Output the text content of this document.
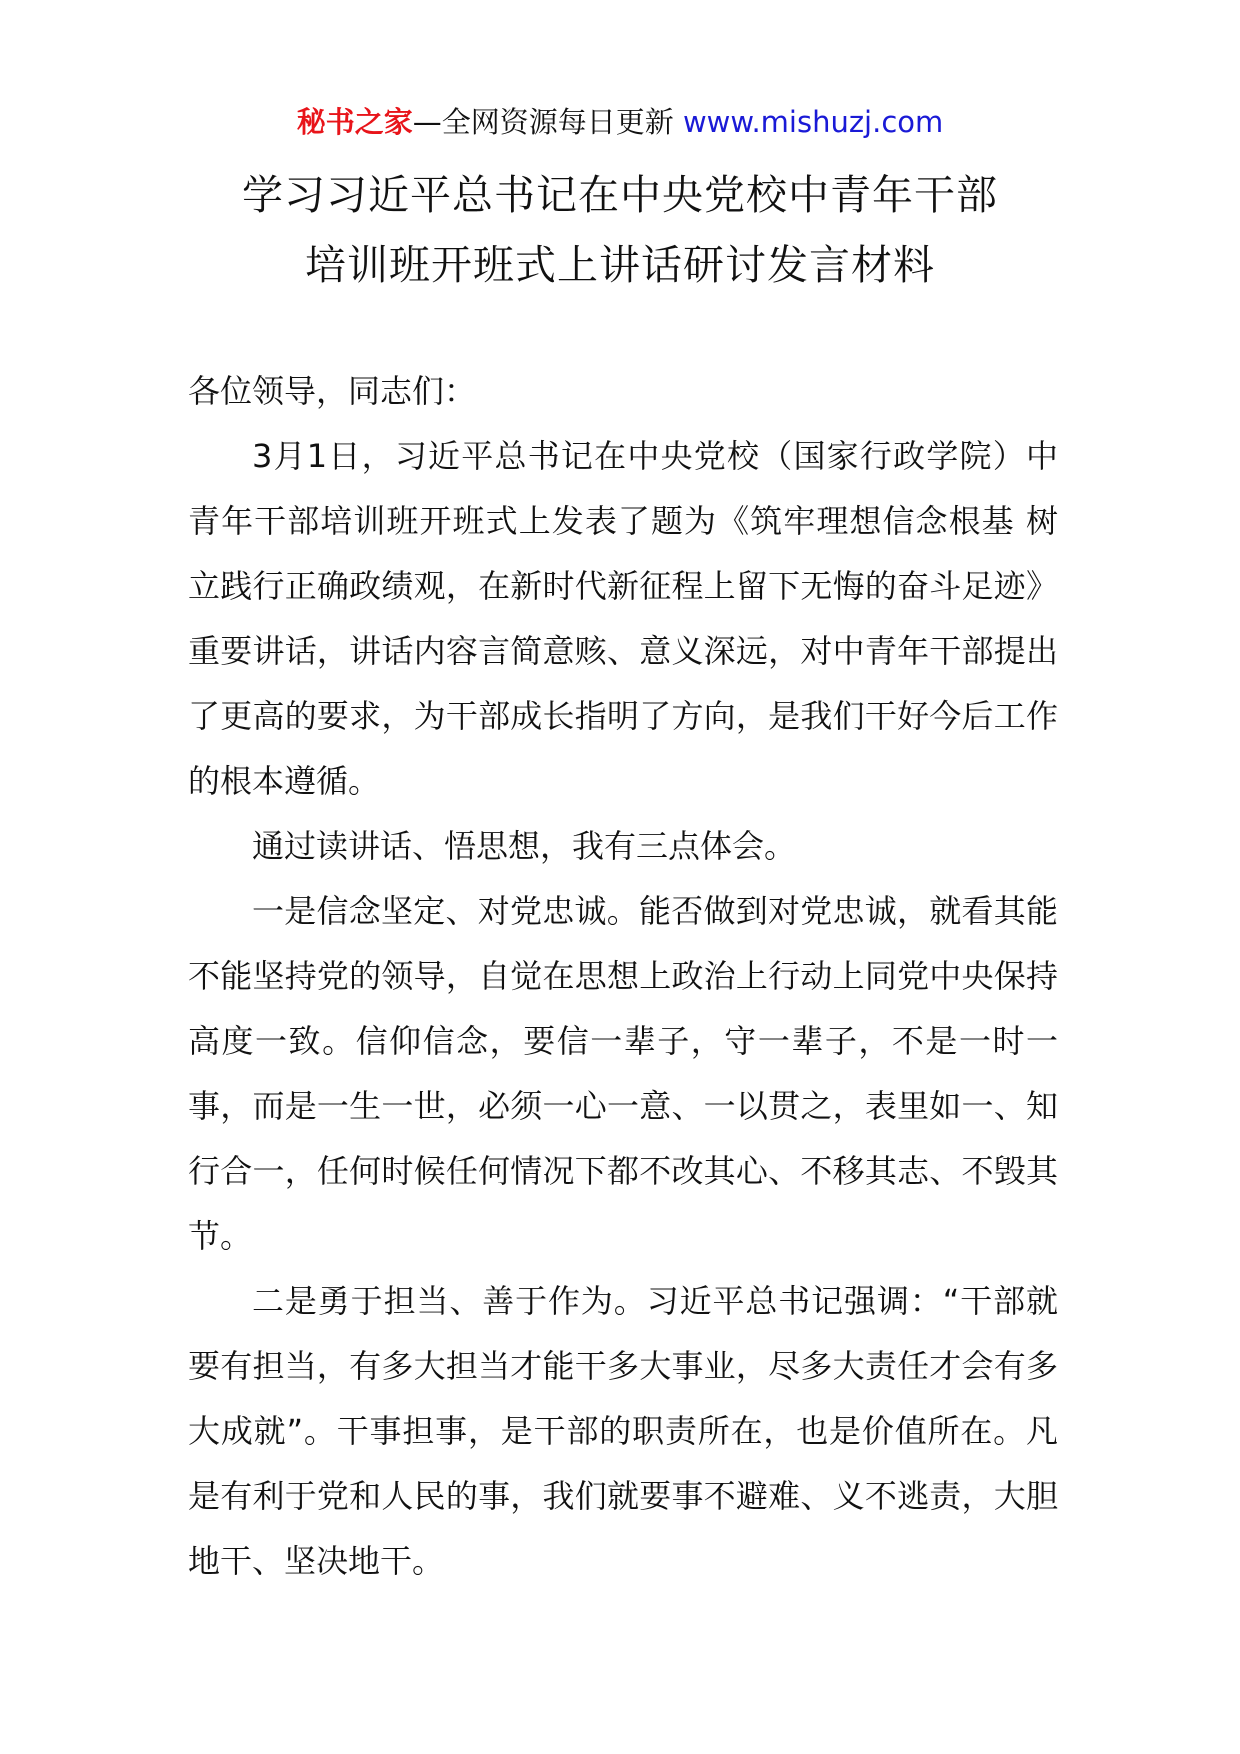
秘书之家—全网资源每日更新 www.mishuzj.com
学习习近平总书记在中央党校中青年干部
培训班开班式上讲话研讨发言材料

各位领导，同志们：

3月1日，习近平总书记在中央党校（国家行政学院）中青年干部培训班开班式上发表了题为《筑牢理想信念根基 树立践行正确政绩观，在新时代新征程上留下无悔的奋斗足迹》重要讲话，讲话内容言简意赅、意义深远，对中青年干部提出了更高的要求，为干部成长指明了方向，是我们干好今后工作的根本遵循。

通过读讲话、悟思想，我有三点体会。

一是信念坚定、对党忠诚。能否做到对党忠诚，就看其能不能坚持党的领导，自觉在思想上政治上行动上同党中央保持高度一致。信仰信念，要信一辈子，守一辈子，不是一时一事，而是一生一世，必须一心一意、一以贯之，表里如一、知行合一，任何时候任何情况下都不改其心、不移其志、不毁其节。

二是勇于担当、善于作为。习近平总书记强调：“干部就要有担当，有多大担当才能干多大事业，尽多大责任才会有多大成就”。干事担事，是干部的职责所在，也是价值所在。凡是有利于党和人民的事，我们就要事不避难、义不逃责，大胆地干、坚决地干。
